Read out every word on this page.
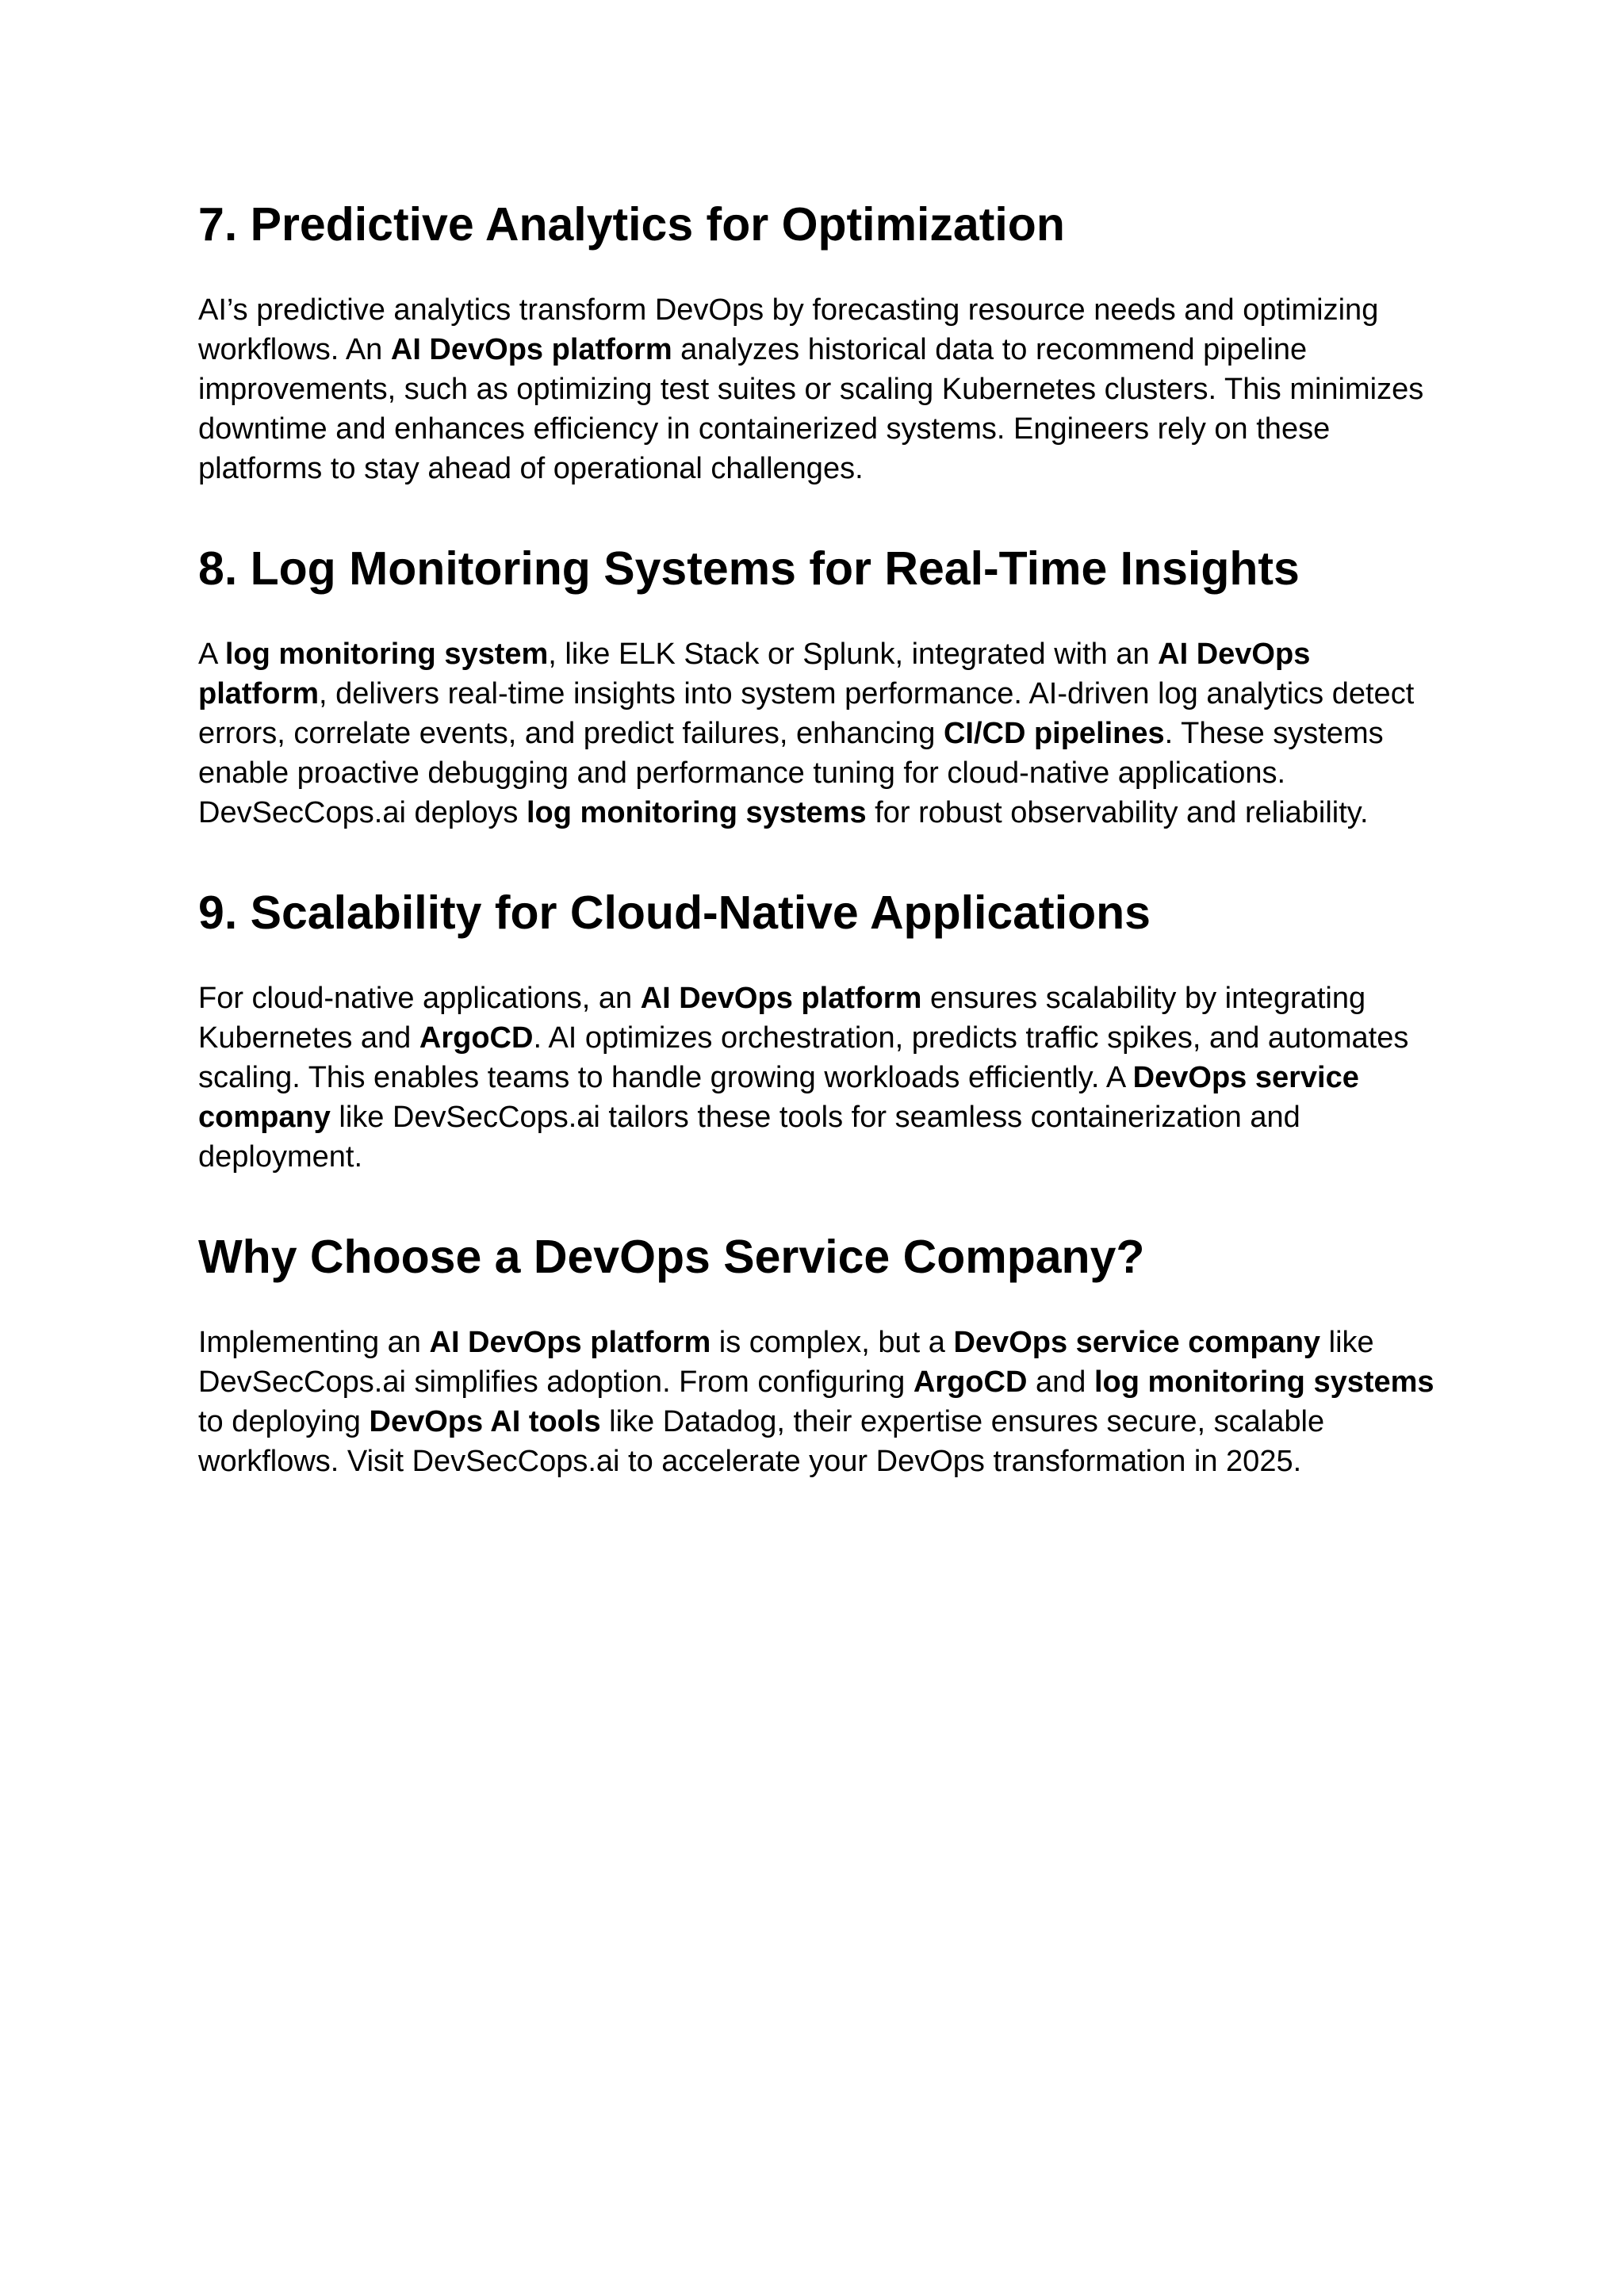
7. Predictive Analytics for Optimization

AI’s predictive analytics transform DevOps by forecasting resource needs and optimizing
workflows. An AI DevOps platform analyzes historical data to recommend pipeline
improvements, such as optimizing test suites or scaling Kubernetes clusters. This minimizes
downtime and enhances efficiency in containerized systems. Engineers rely on these
platforms to stay ahead of operational challenges.

8. Log Monitoring Systems for Real-Time Insights

A log monitoring system, like ELK Stack or Splunk, integrated with an AI DevOps
platform, delivers real-time insights into system performance. AI-driven log analytics detect
errors, correlate events, and predict failures, enhancing CI/CD pipelines. These systems
enable proactive debugging and performance tuning for cloud-native applications.
DevSecCops.ai deploys log monitoring systems for robust observability and reliability.

9. Scalability for Cloud-Native Applications

For cloud-native applications, an AI DevOps platform ensures scalability by integrating
Kubernetes and ArgoCD. AI optimizes orchestration, predicts traffic spikes, and automates
scaling. This enables teams to handle growing workloads efficiently. A DevOps service
company like DevSecCops.ai tailors these tools for seamless containerization and
deployment.

Why Choose a DevOps Service Company?

Implementing an AI DevOps platform is complex, but a DevOps service company like
DevSecCops.ai simplifies adoption. From configuring ArgoCD and log monitoring systems
to deploying DevOps AI tools like Datadog, their expertise ensures secure, scalable
workflows. Visit DevSecCops.ai to accelerate your DevOps transformation in 2025.
